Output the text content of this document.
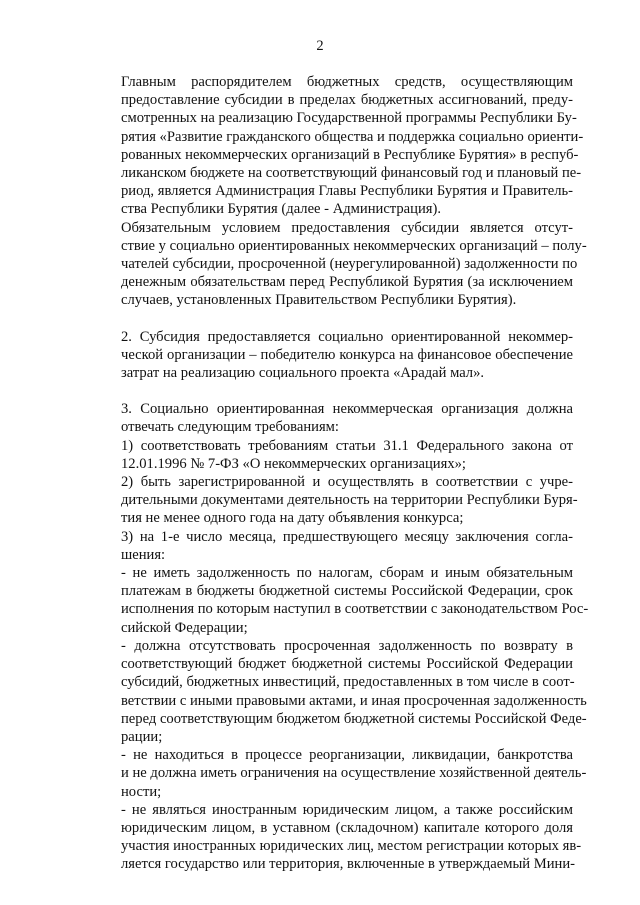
2
Главным распорядителем бюджетных средств, осуществляющим
предоставление субсидии в пределах бюджетных ассигнований, преду-
смотренных на реализацию Государственной программы Республики Бу-
рятия «Развитие гражданского общества и поддержка социально ориенти-
рованных некоммерческих организаций в Республике Бурятия» в респуб-
ликанском бюджете на соответствующий финансовый год и плановый пе-
риод, является Администрация Главы Республики Бурятия и Правитель-
ства Республики Бурятия (далее - Администрация).
Обязательным условием предоставления субсидии является отсут-
ствие у социально ориентированных некоммерческих организаций – полу-
чателей субсидии, просроченной (неурегулированной) задолженности по
денежным обязательствам перед Республикой Бурятия (за исключением
случаев, установленных Правительством Республики Бурятия).
2. Субсидия предоставляется социально ориентированной некоммер-
ческой организации – победителю конкурса на финансовое обеспечение
затрат на реализацию социального проекта «Арадай мал».
3. Социально ориентированная некоммерческая организация должна
отвечать следующим требованиям:
1) соответствовать требованиям статьи 31.1 Федерального закона от
12.01.1996 № 7-ФЗ «О некоммерческих организациях»;
2) быть зарегистрированной и осуществлять в соответствии с учре-
дительными документами деятельность на территории Республики Буря-
тия не менее одного года на дату объявления конкурса;
3) на 1-е число месяца, предшествующего месяцу заключения согла-
шения:
- не иметь задолженность по налогам, сборам и иным обязательным
платежам в бюджеты бюджетной системы Российской Федерации, срок
исполнения по которым наступил в соответствии с законодательством Рос-
сийской Федерации;
- должна отсутствовать просроченная задолженность по возврату в
соответствующий бюджет бюджетной системы Российской Федерации
субсидий, бюджетных инвестиций, предоставленных в том числе в соот-
ветствии с иными правовыми актами, и иная просроченная задолженность
перед соответствующим бюджетом бюджетной системы Российской Феде-
рации;
- не находиться в процессе реорганизации, ликвидации, банкротства
и не должна иметь ограничения на осуществление хозяйственной деятель-
ности;
- не являться иностранным юридическим лицом, а также российским
юридическим лицом, в уставном (складочном) капитале которого доля
участия иностранных юридических лиц, местом регистрации которых яв-
ляется государство или территория, включенные в утверждаемый Мини-
